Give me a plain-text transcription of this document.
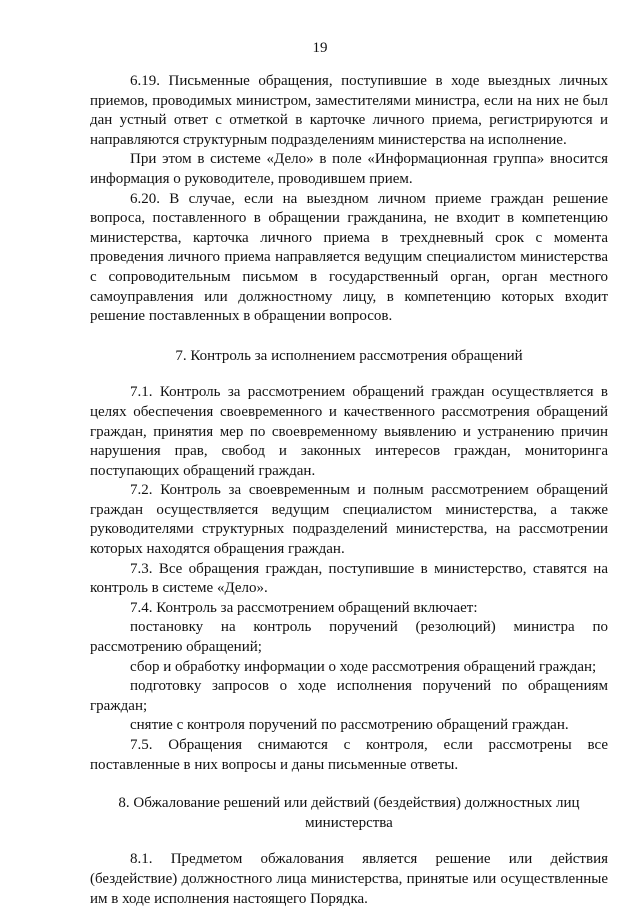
19

6.19. Письменные обращения, поступившие в ходе выездных личных приемов, проводимых министром, заместителями министра, если на них не был дан устный ответ с отметкой в карточке личного приема, регистрируются и направляются структурным подразделениям министерства на исполнение.

При этом в системе «Дело» в поле «Информационная группа» вносится информация о руководителе, проводившем прием.

6.20. В случае, если на выездном личном приеме граждан решение вопроса, поставленного в обращении гражданина, не входит в компетенцию министерства, карточка личного приема в трехдневный срок с момента проведения личного приема направляется ведущим специалистом министерства с сопроводительным письмом в государственный орган, орган местного самоуправления или должностному лицу, в компетенцию которых входит решение поставленных в обращении вопросов.

7. Контроль за исполнением рассмотрения обращений

7.1. Контроль за рассмотрением обращений граждан осуществляется в целях обеспечения своевременного и качественного рассмотрения обращений граждан, принятия мер по своевременному выявлению и устранению причин нарушения прав, свобод и законных интересов граждан, мониторинга поступающих обращений граждан.

7.2. Контроль за своевременным и полным рассмотрением обращений граждан осуществляется ведущим специалистом министерства, а также руководителями структурных подразделений министерства, на рассмотрении которых находятся обращения граждан.

7.3. Все обращения граждан, поступившие в министерство, ставятся на контроль в системе «Дело».

7.4. Контроль за рассмотрением обращений включает:

постановку на контроль поручений (резолюций) министра по рассмотрению обращений;

сбор и обработку информации о ходе рассмотрения обращений граждан;

подготовку запросов о ходе исполнения поручений по обращениям граждан;

снятие с контроля поручений по рассмотрению обращений граждан.

7.5. Обращения снимаются с контроля, если рассмотрены все поставленные в них вопросы и даны письменные ответы.

8. Обжалование решений или действий (бездействия) должностных лиц министерства

8.1. Предметом обжалования является решение или действия (бездействие) должностного лица министерства, принятые или осуществленные им в ходе исполнения настоящего Порядка.
